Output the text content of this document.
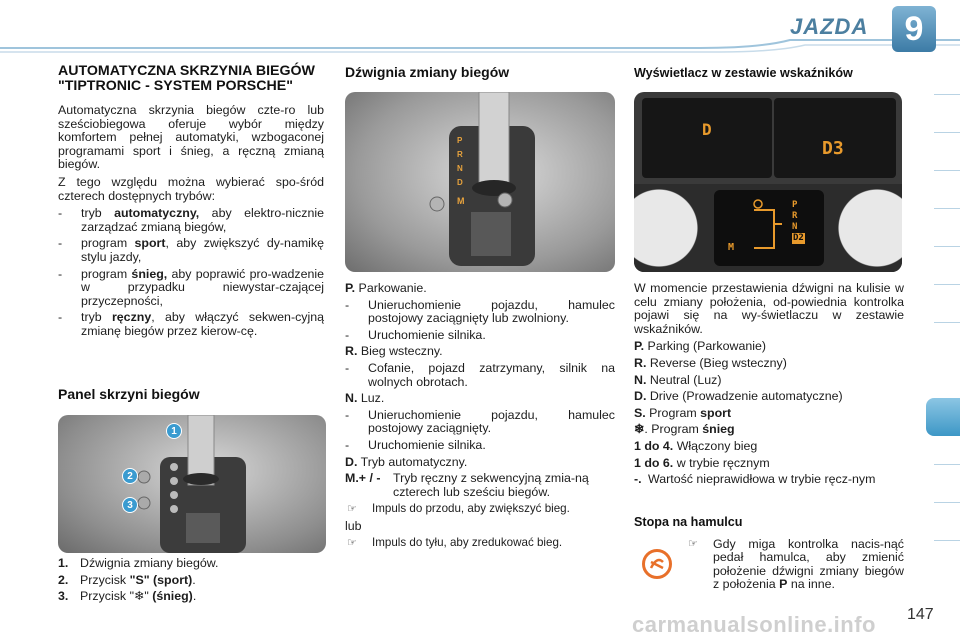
JAZDA	9
AUTOMATYCZNA SKRZYNIA BIEGÓW "TIPTRONIC - SYSTEM PORSCHE"

Automatyczna skrzynia biegów czte-ro lub sześciobiegowa oferuje wybór między komfortem pełnej automatyki, wzbogaconej programami sport i śnieg, a ręczną zmianą biegów.

Z tego względu można wybierać spo-śród czterech dostępnych trybów:

- tryb automatyczny, aby elektro-nicznie zarządzać zmianą biegów,
- program sport, aby zwiększyć dy-namikę stylu jazdy,
- program śnieg, aby poprawić pro-wadzenie w przypadku niewystar-czającej przyczepności,
- tryb ręczny, aby włączyć sekwen-cyjną zmianę biegów przez kierow-cę.
Panel skrzyni biegów
1
2
3
1. Dźwignia zmiany biegów.
2. Przycisk "S" (sport).
3. Przycisk "❄" (śnieg).
Dźwignia zmiany biegów
P
R
N
D
M
P. Parkowanie.
- Unieruchomienie pojazdu, hamulec postojowy zaciągnięty lub zwolniony.
- Uruchomienie silnika.
R. Bieg wsteczny.
- Cofanie, pojazd zatrzymany, silnik na wolnych obrotach.
N. Luz.
- Unieruchomienie pojazdu, hamulec postojowy zaciągnięty.
- Uruchomienie silnika.
D. Tryb automatyczny.
M.+ / - Tryb ręczny z sekwencyjną zmia-ną czterech lub sześciu biegów.
☞ Impuls do przodu, aby zwiększyć bieg.
lub
☞ Impuls do tyłu, aby zredukować bieg.
Wyświetlacz w zestawie wskaźników
D
D3
M
P
R
N
D2

W momencie przestawienia dźwigni na kulisie w celu zmiany położenia, od-powiednia kontrolka pojawi się na wy-świetlaczu w zestawie wskaźników.

P. Parking (Parkowanie)
R. Reverse (Bieg wsteczny)
N. Neutral (Luz)
D. Drive (Prowadzenie automatyczne)
S. Program sport
❄. Program śnieg
1 do 4. Włączony bieg
1 do 6. w trybie ręcznym
-. Wartość nieprawidłowa w trybie ręcz-nym
Stopa na hamulcu
☞ Gdy miga kontrolka nacis-nąć pedał hamulca, aby zmienić położenie dźwigni zmiany biegów z położenia P na inne.
carmanualsonline.info 147
